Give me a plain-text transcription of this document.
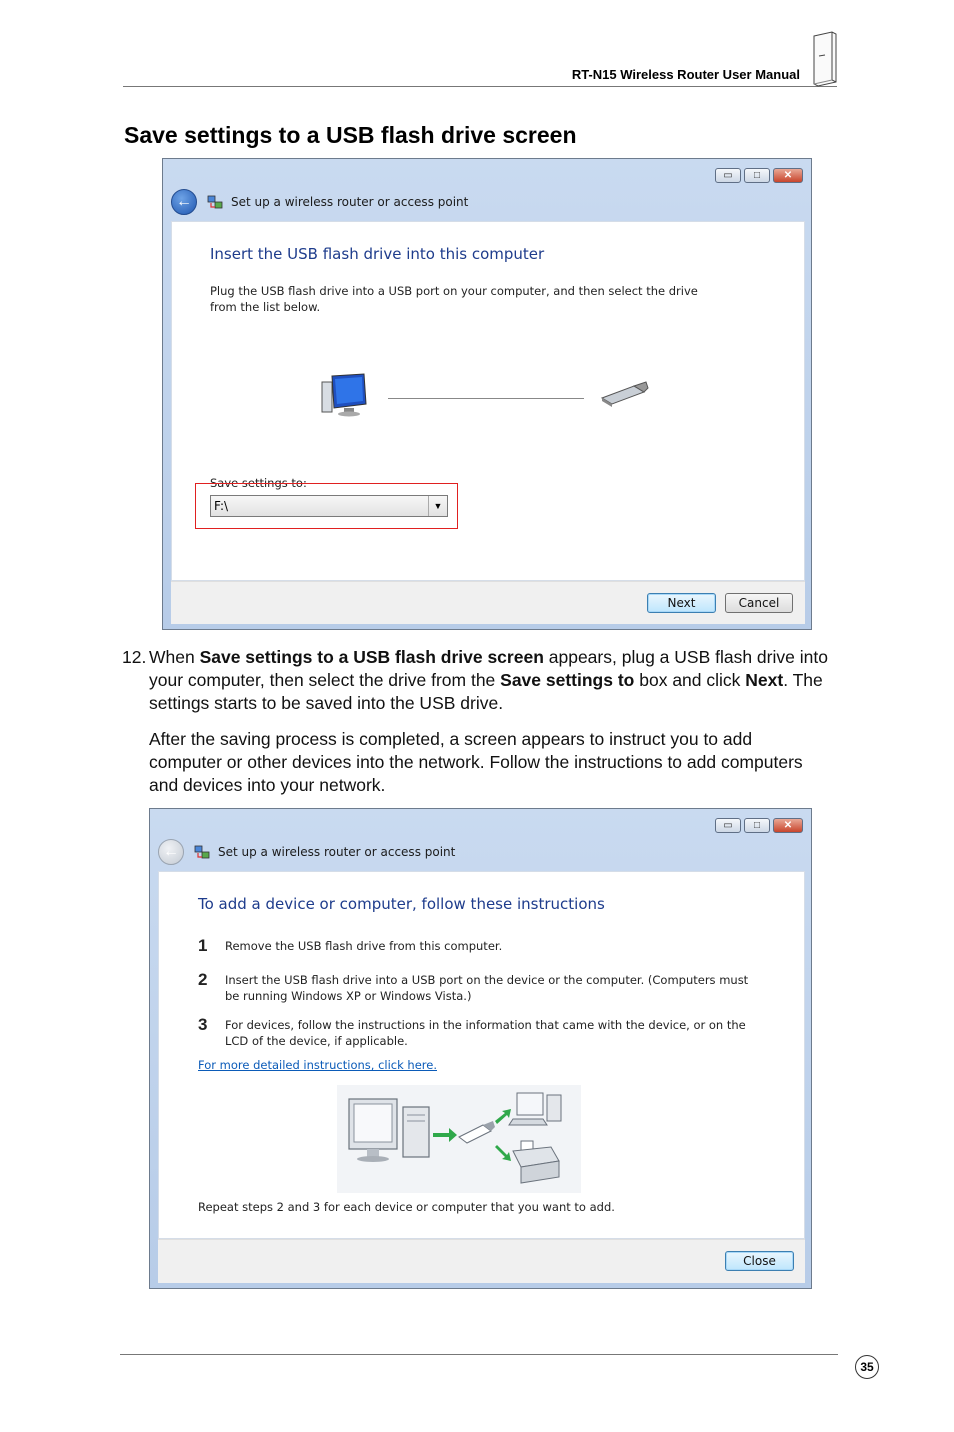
RT-N15 Wireless Router User Manual
Save settings to a USB flash drive screen
▭	□	✕
←	Set up a wireless router or access point
Insert the USB flash drive into this computer
Plug the USB flash drive into a USB port on your computer, and then select the drive from the list below.
Save settings to:
F:\	▼
Next	Cancel
12. When Save settings to a USB flash drive screen appears, plug a USB flash drive into your computer, then select the drive from the Save settings to box and click Next. The settings starts to be saved into the USB drive.
After the saving process is completed, a screen appears to instruct you to add computer or other devices into the network. Follow the instructions to add computers and devices into your network.
▭	□	✕
←	Set up a wireless router or access point
To add a device or computer, follow these instructions
1 Remove the USB flash drive from this computer.
2 Insert the USB flash drive into a USB port on the device or the computer. (Computers must be running Windows XP or Windows Vista.)
3 For devices, follow the instructions in the information that came with the device, or on the LCD of the device, if applicable.
For more detailed instructions, click here.
Repeat steps 2 and 3 for each device or computer that you want to add.
Close
35
